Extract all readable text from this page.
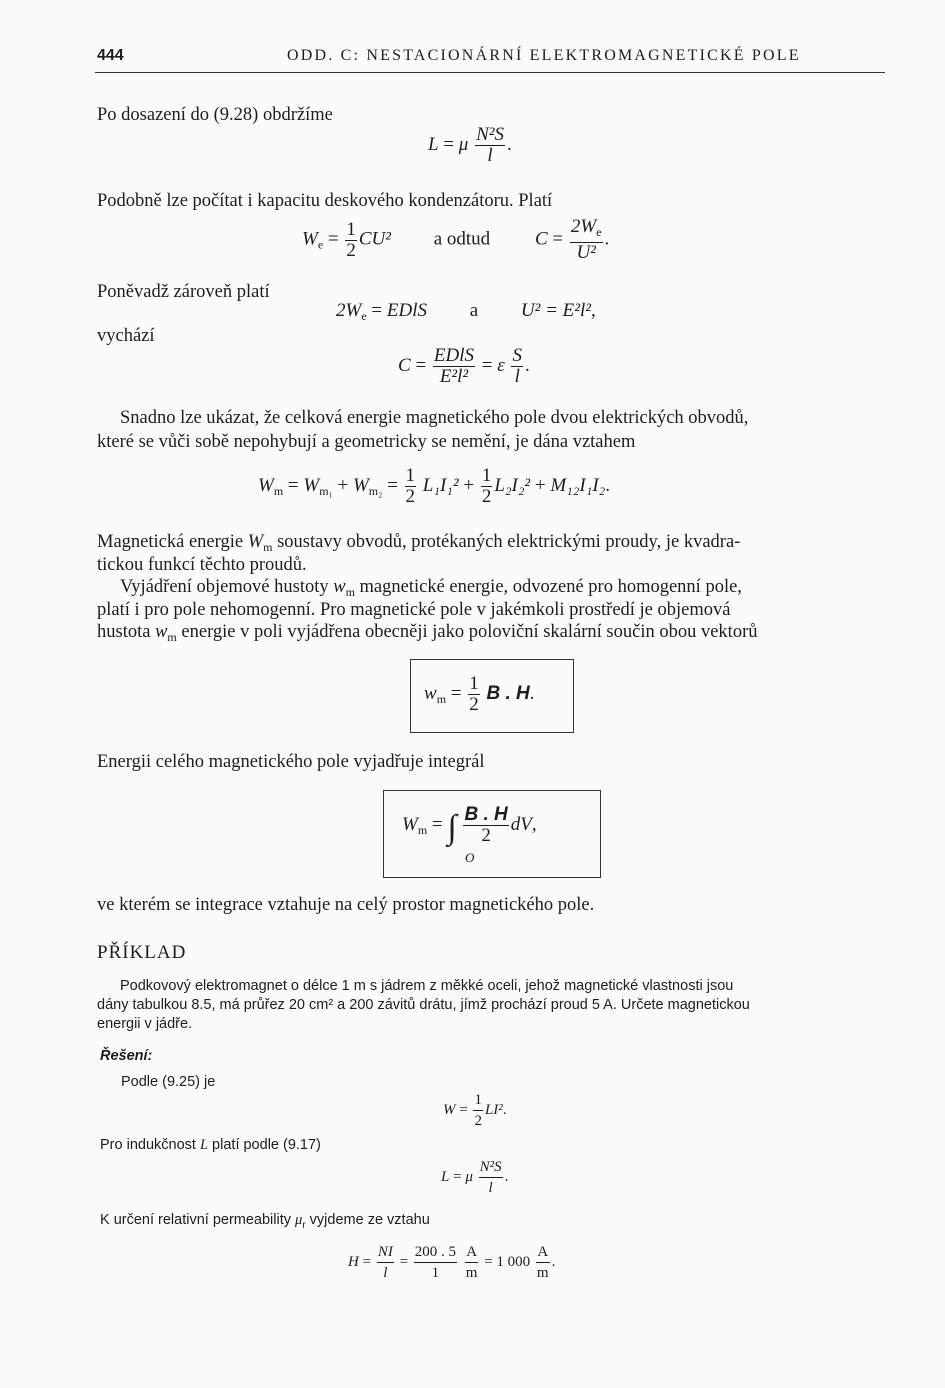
444	ODD. C: NESTACIONÁRNÍ ELEKTROMAGNETICKÉ POLE
Po dosazení do (9.28) obdržíme
L = μ $\frac{\text{N²S}}{l}$ .
Podobně lze počítat i kapacitu deskového kondenzátoru. Platí
$W_e = \frac{1}{2} CU^2$ a odtud $C = \frac{2W_e}{\text{U²}}$ .
Poněvadž zároveň platí
$2W_e$ = EDlS a U² = E²l²,
vychází
$C = \frac{\text{EDlS}}{\text{E²l²}} = \varepsilon \frac{S}{l}$ .
Snadno lze ukázat, že celková energie magnetického pole dvou elektrických obvodů,
které se vůči sobě nepohybují a geometricky se nemění, je dána vztahem
$W_m = W_{m_1} + W_{m_2} = \frac{1}{2} L_1I_1^2 + \frac{1}{2} L_2I_2^2 + M_{12}I_1I_2$.
Magnetická energie $W_m$ soustavy obvodů, protékaných elektrickými proudy, je kvadra-
tickou funkcí těchto proudů.
Vyjádření objemové hustoty $w_m$ magnetické energie, odvozené pro homogenní pole,
platí i pro pole nehomogenní. Pro magnetické pole v jakémkoli prostředí je objemová
hustota $w_m$ energie v poli vyjádřena obecněji jako poloviční skalární součin obou vektorů
$w_m = \frac{1}{2}$ B . H.
Energii celého magnetického pole vyjadřuje integrál
$W_m$ = ∫ $\frac{B . H}{2}$ dV,
O
ve kterém se integrace vztahuje na celý prostor magnetického pole.
PŘÍKLAD
Podkovový elektromagnet o délce 1 m s jádrem z měkké oceli, jehož magnetické vlastnosti jsou
dány tabulkou 8.5, má průřez 20 cm² a 200 závitů drátu, jímž prochází proud 5 A. Určete magnetickou
energii v jádře.
Řešení:
Podle (9.25) je
$W = \frac{1}{2} LI^2$.
Pro indukčnost L platí podle (9.17)
L = μ $\frac{\text{N²S}}{l}$ .
K určení relativní permeability $\mu_r$ vyjdeme ze vztahu
$H = \frac{NI}{l} = \frac{200 . 5}{1}$
$\frac{A}{m} = 1$ $000 \frac{A}{m}$ .
